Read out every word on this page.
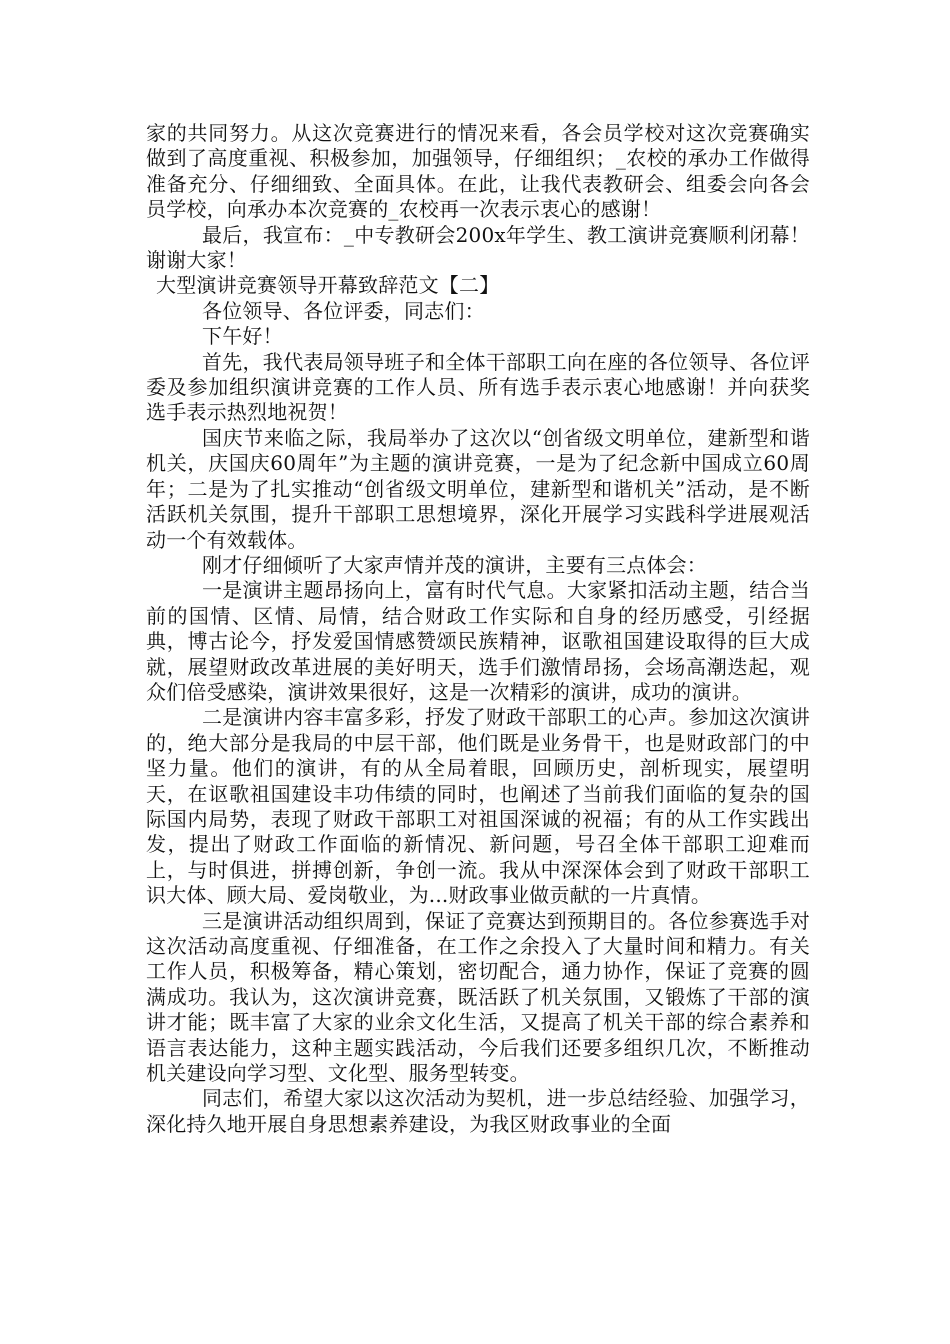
家的共同努力。从这次竞赛进行的情况来看，各会员学校对这次竞赛确实做到了高度重视、积极参加，加强领导，仔细组织；_农校的承办工作做得准备充分、仔细细致、全面具体。在此，让我代表教研会、组委会向各会员学校，向承办本次竞赛的_农校再一次表示衷心的感谢！

最后，我宣布：_中专教研会200x年学生、教工演讲竞赛顺利闭幕！谢谢大家！

大型演讲竞赛领导开幕致辞范文【二】

各位领导、各位评委，同志们：

下午好！

首先，我代表局领导班子和全体干部职工向在座的各位领导、各位评委及参加组织演讲竞赛的工作人员、所有选手表示衷心地感谢！并向获奖选手表示热烈地祝贺！

国庆节来临之际，我局举办了这次以“创省级文明单位，建新型和谐机关，庆国庆60周年”为主题的演讲竞赛，一是为了纪念新中国成立60周年；二是为了扎实推动“创省级文明单位，建新型和谐机关”活动，是不断活跃机关氛围，提升干部职工思想境界，深化开展学习实践科学进展观活动一个有效载体。

刚才仔细倾听了大家声情并茂的演讲，主要有三点体会：

一是演讲主题昂扬向上，富有时代气息。大家紧扣活动主题，结合当前的国情、区情、局情，结合财政工作实际和自身的经历感受，引经据典，博古论今，抒发爱国情感赞颂民族精神，讴歌祖国建设取得的巨大成就，展望财政改革进展的美好明天，选手们激情昂扬，会场高潮迭起，观众们倍受感染，演讲效果很好，这是一次精彩的演讲，成功的演讲。

二是演讲内容丰富多彩，抒发了财政干部职工的心声。参加这次演讲的，绝大部分是我局的中层干部，他们既是业务骨干，也是财政部门的中坚力量。他们的演讲，有的从全局着眼，回顾历史，剖析现实，展望明天，在讴歌祖国建设丰功伟绩的同时，也阐述了当前我们面临的复杂的国际国内局势，表现了财政干部职工对祖国深诚的祝福；有的从工作实践出发，提出了财政工作面临的新情况、新问题，号召全体干部职工迎难而上，与时俱进，拼搏创新，争创一流。我从中深深体会到了财政干部职工识大体、顾大局、爱岗敬业，为...财政事业做贡献的一片真情。

三是演讲活动组织周到，保证了竞赛达到预期目的。各位参赛选手对这次活动高度重视、仔细准备，在工作之余投入了大量时间和精力。有关工作人员，积极筹备，精心策划，密切配合，通力协作，保证了竞赛的圆满成功。我认为，这次演讲竞赛，既活跃了机关氛围，又锻炼了干部的演讲才能；既丰富了大家的业余文化生活，又提高了机关干部的综合素养和语言表达能力，这种主题实践活动，今后我们还要多组织几次，不断推动机关建设向学习型、文化型、服务型转变。

同志们，希望大家以这次活动为契机，进一步总结经验、加强学习，深化持久地开展自身思想素养建设，为我区财政事业的全面
